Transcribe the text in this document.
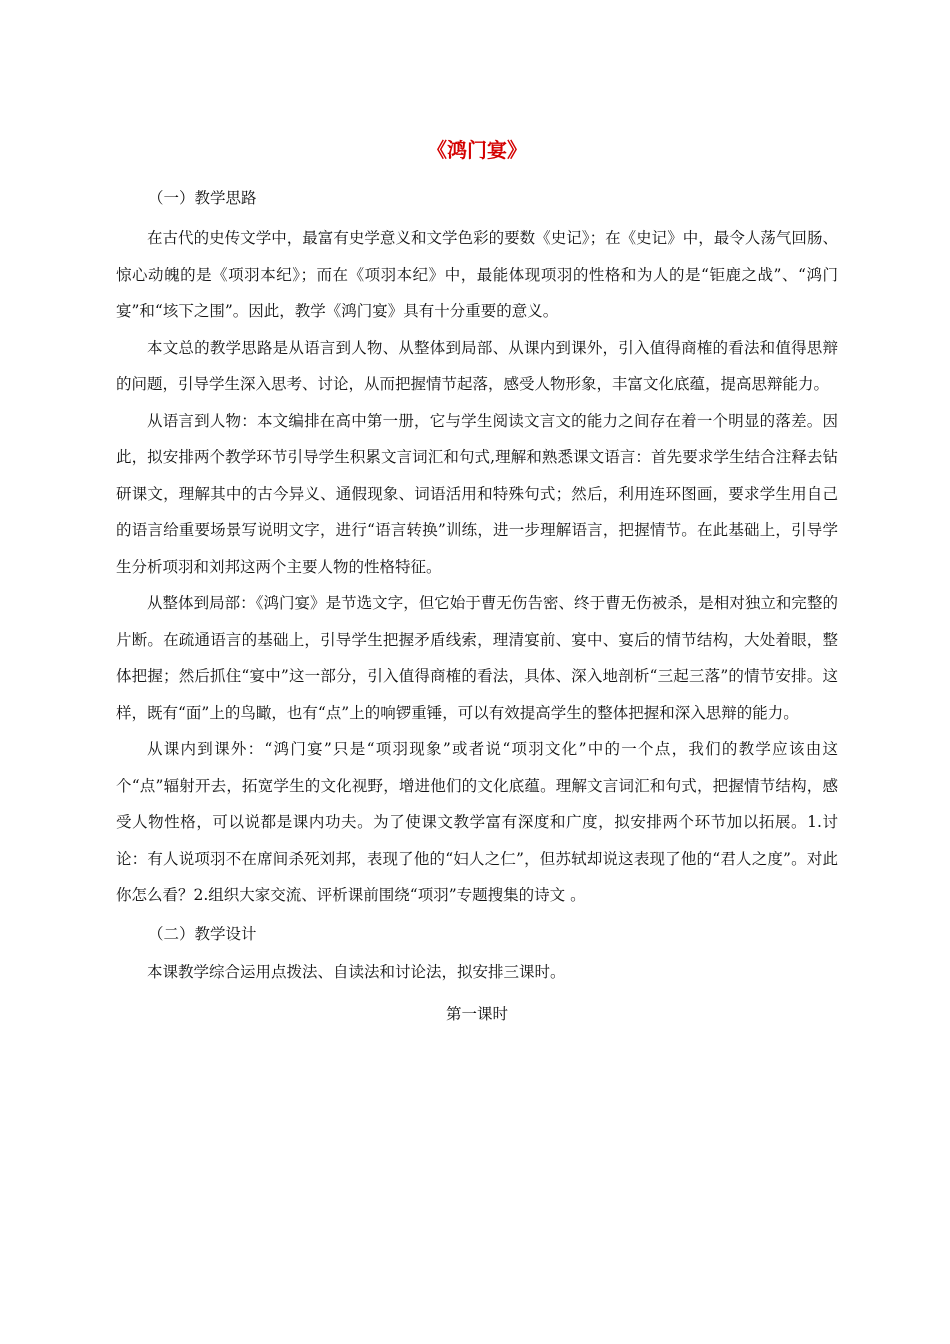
《鸿门宴》
（一）教学思路

在古代的史传文学中，最富有史学意义和文学色彩的要数《史记》；在《史记》中，最令人荡气回肠、惊心动魄的是《项羽本纪》；而在《项羽本纪》中，最能体现项羽的性格和为人的是“钜鹿之战”、“鸿门宴”和“垓下之围”。因此，教学《鸿门宴》具有十分重要的意义。

本文总的教学思路是从语言到人物、从整体到局部、从课内到课外，引入值得商榷的看法和值得思辩的问题，引导学生深入思考、讨论，从而把握情节起落，感受人物形象，丰富文化底蕴，提高思辩能力。

从语言到人物：本文编排在高中第一册，它与学生阅读文言文的能力之间存在着一个明显的落差。因此，拟安排两个教学环节引导学生积累文言词汇和句式,理解和熟悉课文语言：首先要求学生结合注释去钻研课文，理解其中的古今异义、通假现象、词语活用和特殊句式；然后，利用连环图画，要求学生用自己的语言给重要场景写说明文字，进行“语言转换”训练，进一步理解语言，把握情节。在此基础上，引导学生分析项羽和刘邦这两个主要人物的性格特征。

从整体到局部：《鸿门宴》是节选文字，但它始于曹无伤告密、终于曹无伤被杀，是相对独立和完整的片断。在疏通语言的基础上，引导学生把握矛盾线索，理清宴前、宴中、宴后的情节结构，大处着眼，整体把握；然后抓住“宴中”这一部分，引入值得商榷的看法，具体、深入地剖析“三起三落”的情节安排。这样，既有“面”上的鸟瞰，也有“点”上的响锣重锤，可以有效提高学生的整体把握和深入思辩的能力。

从课内到课外：“鸿门宴”只是“项羽现象”或者说“项羽文化”中的一个点，我们的教学应该由这个“点”辐射开去，拓宽学生的文化视野，增进他们的文化底蕴。理解文言词汇和句式，把握情节结构，感受人物性格，可以说都是课内功夫。为了使课文教学富有深度和广度，拟安排两个环节加以拓展。1.讨论：有人说项羽不在席间杀死刘邦，表现了他的“妇人之仁”，但苏轼却说这表现了他的“君人之度”。对此你怎么看？2.组织大家交流、评析课前围绕“项羽”专题搜集的诗文 。

（二）教学设计

本课教学综合运用点拨法、自读法和讨论法，拟安排三课时。

第一课时
